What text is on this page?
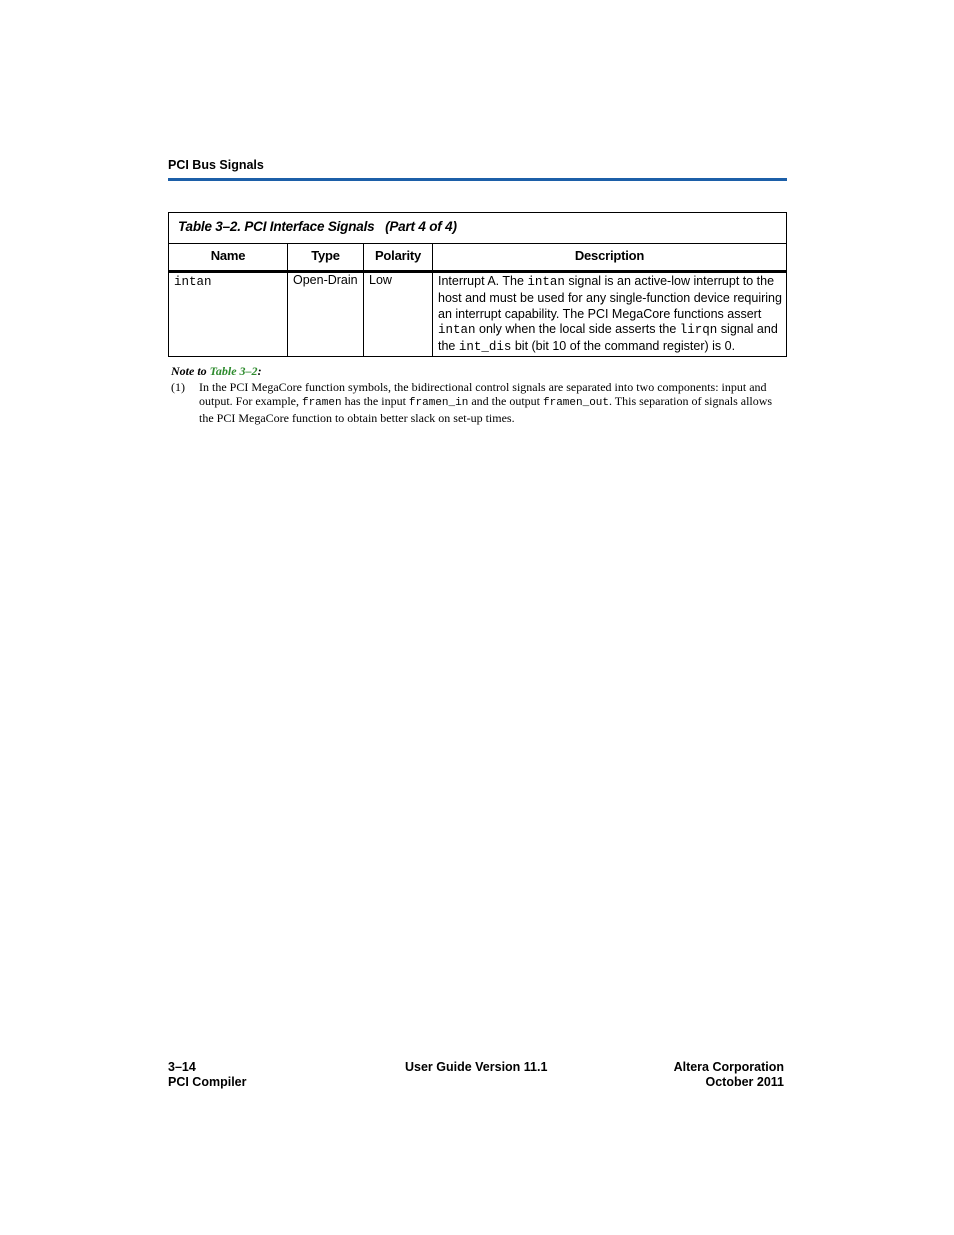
PCI Bus Signals
Table 3–2. PCI Interface Signals   (Part 4 of 4)
Name	Type	Polarity	Description
intan	Open-Drain Low	Interrupt A. The intan signal is an active-low interrupt to the host and must be used for any single-function device requiring an interrupt capability. The PCI MegaCore functions assert intan only when the local side asserts the lirqn signal and the int_dis bit (bit 10 of the command register) is 0.
Note to Table 3–2:
(1) In the PCI MegaCore function symbols, the bidirectional control signals are separated into two components: input and output. For example, framen has the input framen_in and the output framen_out. This separation of signals allows the PCI MegaCore function to obtain better slack on set-up times.
3–14
PCI Compiler
User Guide Version 11.1	Altera Corporation
October 2011
